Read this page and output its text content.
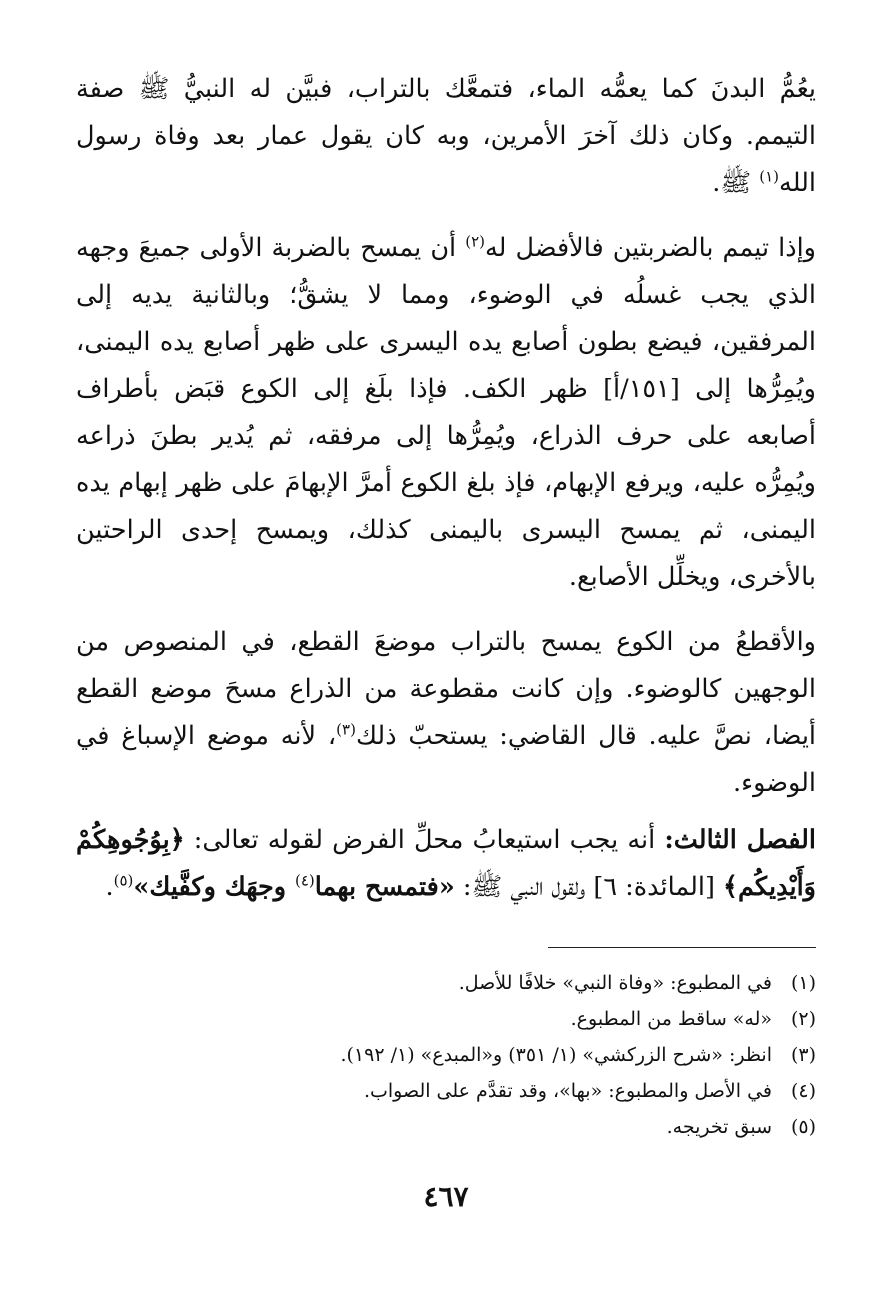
يعُمُّ البدنَ كما يعمُّه الماء، فتمعَّك بالتراب، فبيَّن له النبيُّ ﷺ صفة التيمم. وكان ذلك آخرَ الأمرين، وبه كان يقول عمار بعد وفاة رسول الله$^{(١)}$ ﷺ.

وإذا تيمم بالضربتين فالأفضل له$^{(٢)}$ أن يمسح بالضربة الأولى جميعَ وجهه الذي يجب غسلُه في الوضوء، ومما لا يشقُّ؛ وبالثانية يديه إلى المرفقين، فيضع بطون أصابع يده اليسرى على ظهر أصابع يده اليمنى، ويُمِرُّها إلى [١٥١/أ] ظهر الكف. فإذا بلَغ إلى الكوع قبَض بأطراف أصابعه على حرف الذراع، ويُمِرُّها إلى مرفقه، ثم يُدير بطنَ ذراعه ويُمِرُّه عليه، ويرفع الإبهام، فإذ بلغ الكوع أمرَّ الإبهامَ على ظهر إبهام يده اليمنى، ثم يمسح اليسرى باليمنى كذلك، ويمسح إحدى الراحتين بالأخرى، ويخلِّل الأصابع.

والأقطعُ من الكوع يمسح بالتراب موضعَ القطع، في المنصوص من الوجهين كالوضوء. وإن كانت مقطوعة من الذراع مسحَ موضع القطع أيضا، نصَّ عليه. قال القاضي: يستحبّ ذلك$^{(٣)}$، لأنه موضع الإسباغ في الوضوء.

الفصل الثالث: أنه يجب استيعابُ محلِّ الفرض لقوله تعالى: ﴿بِوُجُوهِكُمْ وَأَيْدِيكُم﴾ [المائدة: ٦] ولقول النبي ﷺ: «فتمسح بهما$^{(٤)}$ وجهَك وكفَّيك»$^{(٥)}$.

(١)في المطبوع: «وفاة النبي» خلافًا للأصل.
(٢)«له» ساقط من المطبوع.
(٣)انظر: «شرح الزركشي» (١/ ٣٥١) و«المبدع» (١/ ١٩٢).
(٤)في الأصل والمطبوع: «بها»، وقد تقدَّم على الصواب.
(٥)سبق تخريجه.
٤٦٧
